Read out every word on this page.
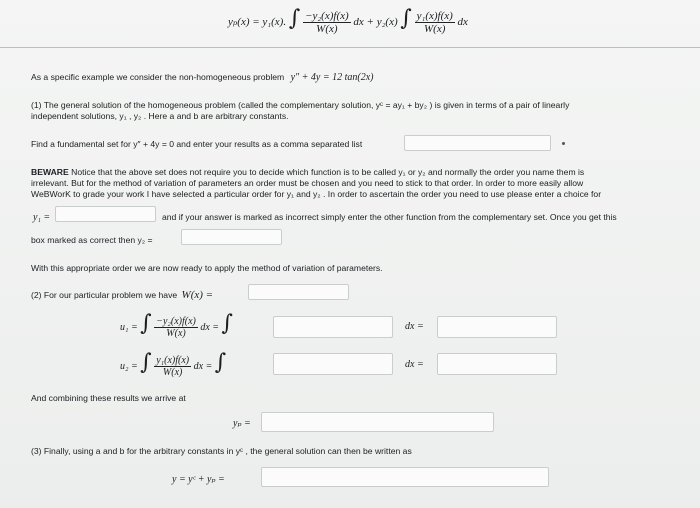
yₚ(x) = y₁(x). ∫ $\frac{\text{−y₂(x)f(x)}}{W(x)}$ dx + y₂(x) ∫ $\frac{\text{y₁(x)f(x)}}{W(x)}$ dx
As a specific example we consider the non-homogeneous problem y″ + 4y = 12 tan(2x)
(1) The general solution of the homogeneous problem (called the complementary solution, yᶜ = ay₁ + by₂ ) is given in terms of a pair of linearly
independent solutions, y₁ , y₂ . Here a and b are arbitrary constants.
Find a fundamental set for y″ + 4y = 0 and enter your results as a comma separated list
BEWARE Notice that the above set does not require you to decide which function is to be called y₁ or y₂ and normally the order you name them is
irrelevant. But for the method of variation of parameters an order must be chosen and you need to stick to that order. In order to more easily allow
WeBWorK to grade your work I have selected a particular order for y₁ and y₂ . In order to ascertain the order you need to use please enter a choice for
y₁ =	and if your answer is marked as incorrect simply enter the other function from the complementary set. Once you get this
box marked as correct then y₂ =
With this appropriate order we are now ready to apply the method of variation of parameters.
(2) For our particular problem we have W(x) =
u₁ = ∫ $\frac{\text{−y₂(x)f(x)}}{W(x)}$ dx = ∫	dx =
u₂ = ∫ $\frac{\text{y₁(x)f(x)}}{W(x)}$ dx = ∫	dx =
And combining these results we arrive at
yₚ =
(3) Finally, using a and b for the arbitrary constants in yᶜ , the general solution can then be written as
y = yᶜ + yₚ =
